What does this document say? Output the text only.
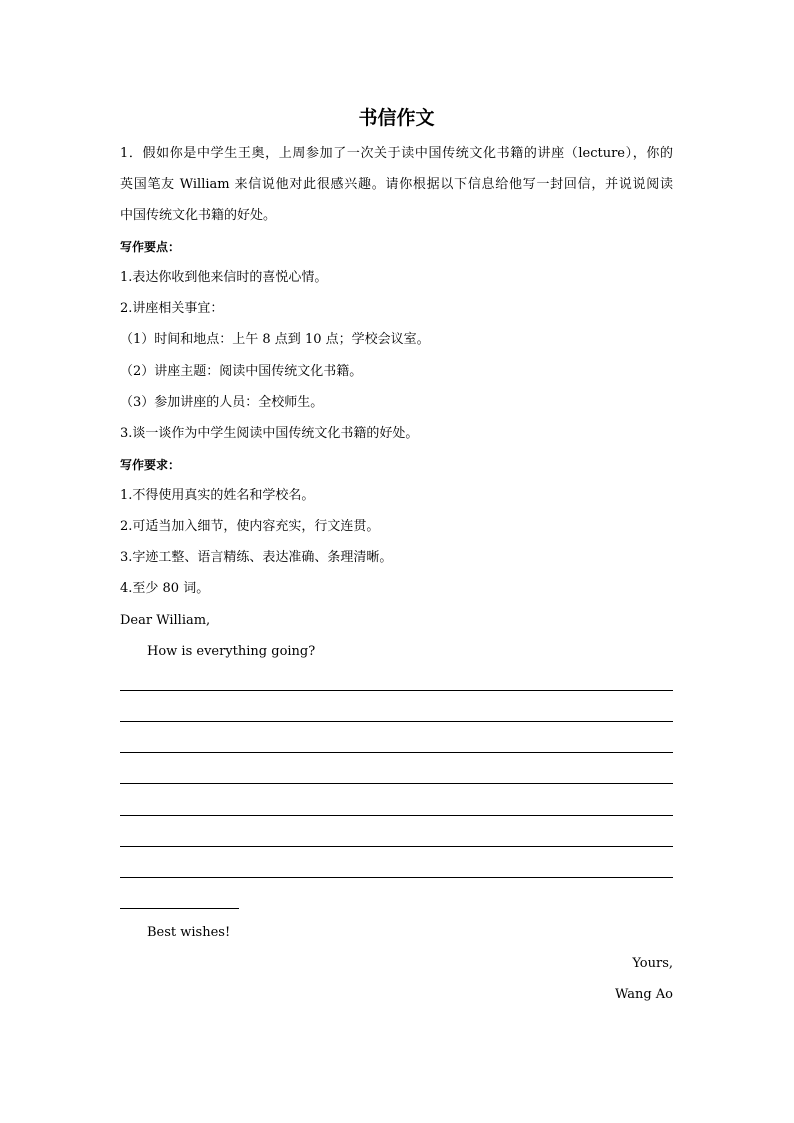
书信作文
1．假如你是中学生王奥，上周参加了一次关于读中国传统文化书籍的讲座（lecture），你的
英国笔友 William 来信说他对此很感兴趣。请你根据以下信息给他写一封回信，并说说阅读
中国传统文化书籍的好处。
写作要点：
1.表达你收到他来信时的喜悦心情。
2.讲座相关事宜：
（1）时间和地点：上午 8 点到 10 点；学校会议室。
（2）讲座主题：阅读中国传统文化书籍。
（3）参加讲座的人员：全校师生。
3.谈一谈作为中学生阅读中国传统文化书籍的好处。
写作要求：
1.不得使用真实的姓名和学校名。
2.可适当加入细节，使内容充实，行文连贯。
3.字迹工整、语言精练、表达准确、条理清晰。
4.至少 80 词。
Dear William,
How is everything going?
Best wishes!
Yours,
Wang Ao
